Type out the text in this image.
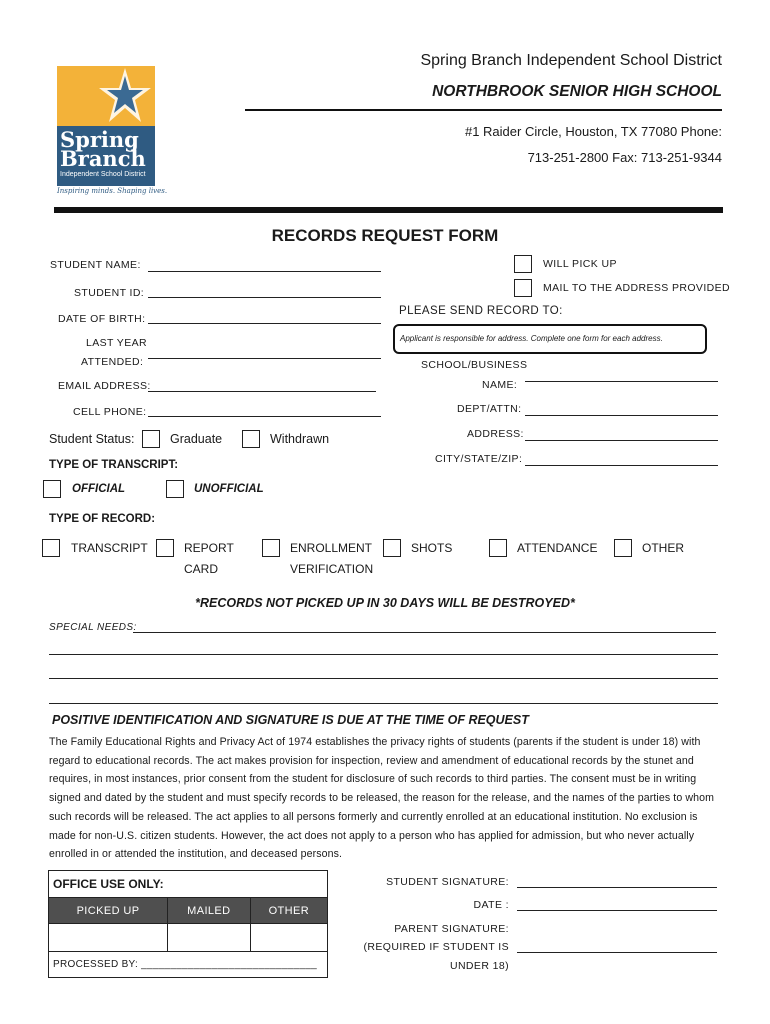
Spring
Branch
Independent School District
Inspiring minds. Shaping lives.
Spring Branch Independent School District
NORTHBROOK SENIOR HIGH SCHOOL
#1 Raider Circle, Houston, TX 77080 Phone:
713-251-2800 Fax: 713-251-9344
RECORDS REQUEST FORM
STUDENT NAME:
STUDENT ID:
DATE OF BIRTH:
LAST YEAR
ATTENDED:
EMAIL ADDRESS:
CELL PHONE:
Student Status:	Graduate	Withdrawn
TYPE OF TRANSCRIPT:
OFFICIAL	UNOFFICIAL
TYPE OF RECORD:
TRANSCRIPT	REPORT
CARD
ENROLLMENT
VERIFICATION
SHOTS	ATTENDANCE	OTHER
WILL PICK UP
MAIL TO THE ADDRESS PROVIDED
PLEASE SEND RECORD TO:
Applicant is responsible for address. Complete one form for each address.
SCHOOL/BUSINESS
NAME:
DEPT/ATTN:
ADDRESS:
CITY/STATE/ZIP:
*RECORDS NOT PICKED UP IN 30 DAYS WILL BE DESTROYED*
SPECIAL NEEDS:
POSITIVE IDENTIFICATION AND SIGNATURE IS DUE AT THE TIME OF REQUEST
The Family Educational Rights and Privacy Act of 1974 establishes the privacy rights of students (parents if the student is under 18) with regard to educational records. The act makes provision for inspection, review and amendment of educational records by the stunet and requires, in most instances, prior consent from the student for disclosure of such records to third parties. The consent must be in writing signed and dated by the student and must specify records to be released, the reason for the release, and the names of the parties to whom such records will be released. The act applies to all persons formerly and currently enrolled at an educational institution. No exclusion is made for non-U.S. citizen students. However, the act does not apply to a person who has applied for admission, but who never actually enrolled in or attended the institution, and deceased persons.
OFFICE USE ONLY:		
PICKED UP	MAILED	OTHER

PROCESSED BY: ______________________________		
STUDENT SIGNATURE:
DATE :
PARENT SIGNATURE:
(REQUIRED IF STUDENT IS
UNDER 18)
